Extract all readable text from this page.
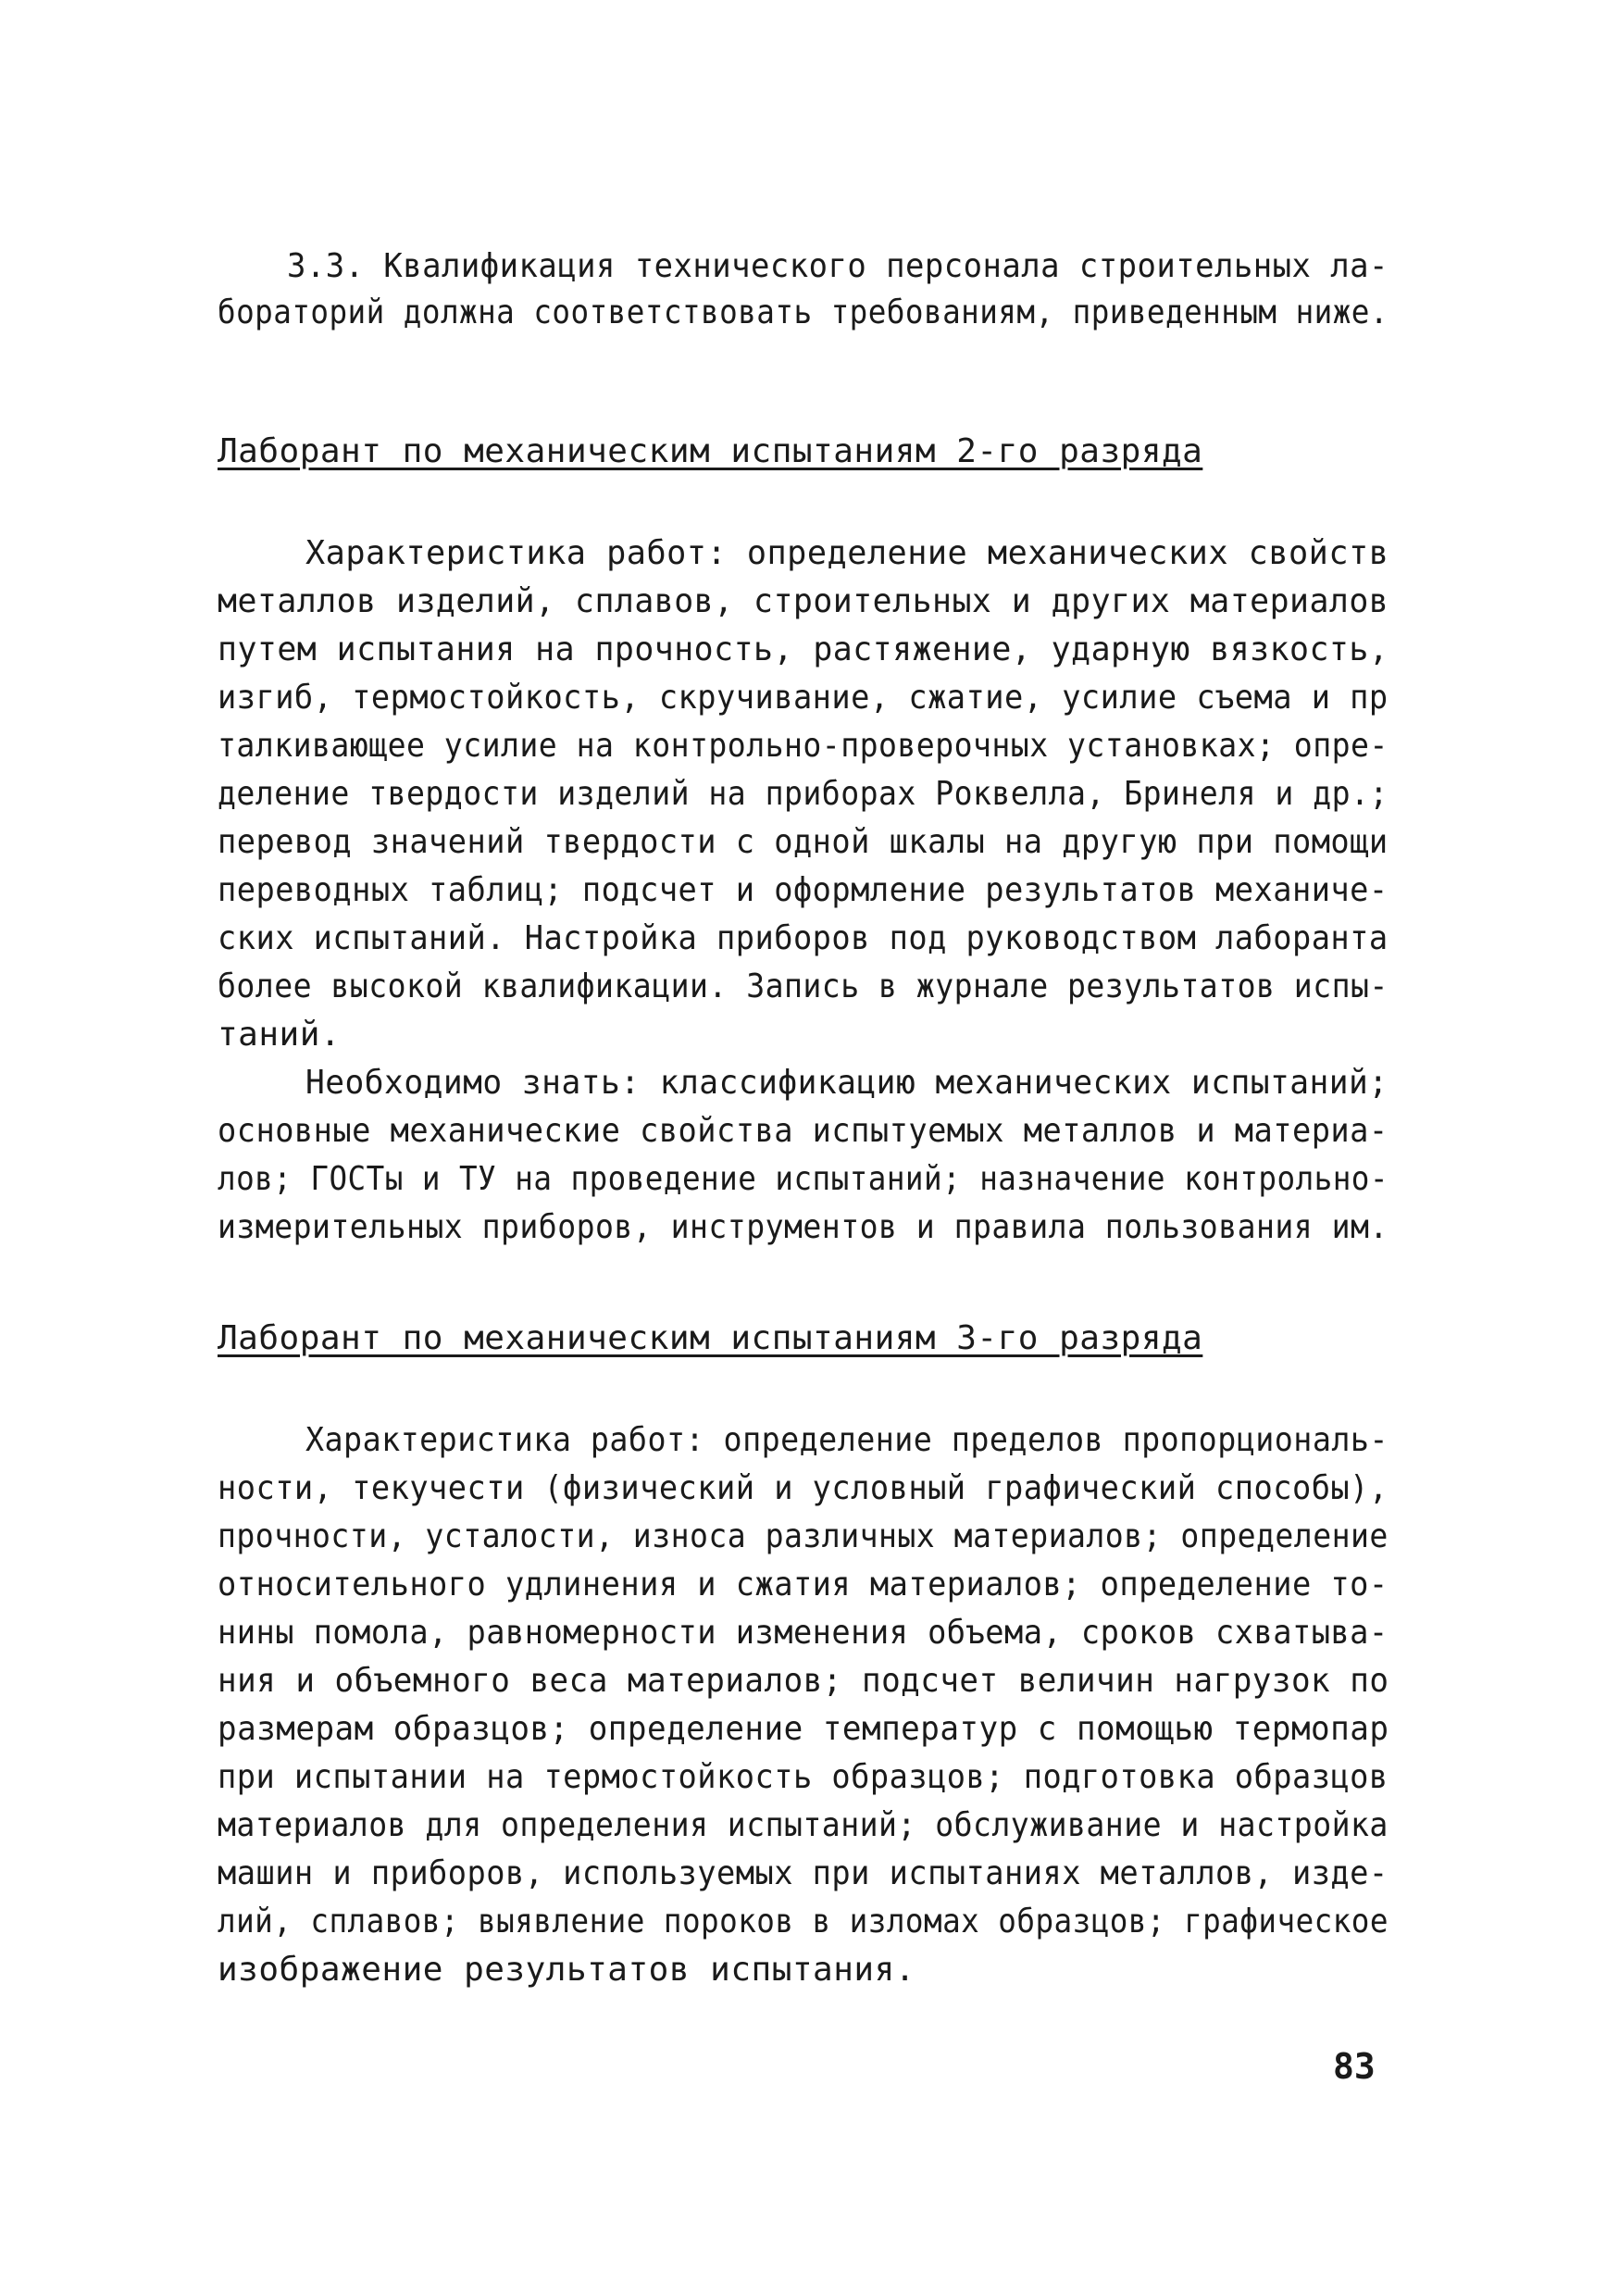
3.3. Квалификация технического персонала строительных ла-
бораторий должна соответствовать требованиям, приведенным ниже.
Лаборант по механическим испытаниям 2-го разряда
Характеристика работ: определение механических свойств
металлов изделий, сплавов, строительных и других материалов
путем испытания на прочность, растяжение, ударную вязкость,
изгиб, термостойкость, скручивание, сжатие, усилие съема и пр
талкивающее усилие на контрольно-проверочных установках; опре-
деление твердости изделий на приборах Роквелла, Бринеля и др.;
перевод значений твердости с одной шкалы на другую при помощи
переводных таблиц; подсчет и оформление результатов механиче-
ских испытаний. Настройка приборов под руководством лаборанта
более высокой квалификации. Запись в журнале результатов испы-
таний.
Необходимо знать: классификацию механических испытаний;
основные механические свойства испытуемых металлов и материа-
лов; ГОСТы и ТУ на проведение испытаний; назначение контрольно-
измерительных приборов, инструментов и правила пользования им.
Лаборант по механическим испытаниям 3-го разряда
Характеристика работ: определение пределов пропорциональ-
ности, текучести (физический и условный графический способы),
прочности, усталости, износа различных материалов; определение
относительного удлинения и сжатия материалов; определение то-
нины помола, равномерности изменения объема, сроков схватыва-
ния и объемного веса материалов; подсчет величин нагрузок по
размерам образцов; определение температур с помощью термопар
при испытании на термостойкость образцов; подготовка образцов
материалов для определения испытаний; обслуживание и настройка
машин и приборов, используемых при испытаниях металлов, изде-
лий, сплавов; выявление пороков в изломах образцов; графическое
изображение результатов испытания.
83
